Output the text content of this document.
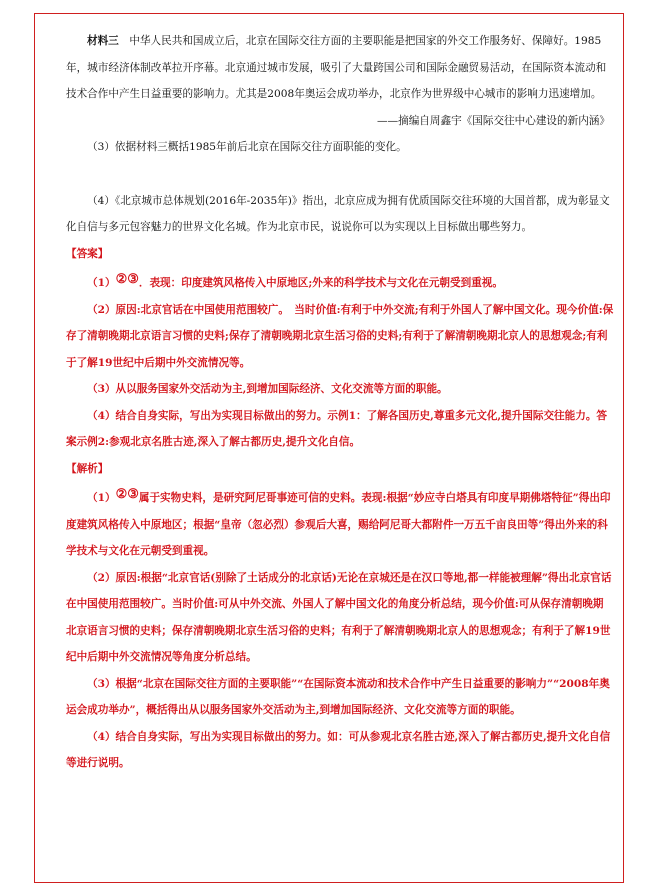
材料三　中华人民共和国成立后，北京在国际交往方面的主要职能是把国家的外交工作服务好、保障好。1985年，城市经济体制改革拉开序幕。北京通过城市发展，吸引了大量跨国公司和国际金融贸易活动，在国际资本流动和技术合作中产生日益重要的影响力。尤其是2008年奥运会成功举办，北京作为世界级中心城市的影响力迅速增加。

——摘编自周鑫宇《国际交往中心建设的新内涵》

（3）依据材料三概括1985年前后北京在国际交往方面职能的变化。

（4）《北京城市总体规划(2016年-2035年)》指出，北京应成为拥有优质国际交往环境的大国首都，成为彰显文化自信与多元包容魅力的世界文化名城。作为北京市民，说说你可以为实现以上目标做出哪些努力。

【答案】

（1）②③．表现：印度建筑风格传入中原地区;外来的科学技术与文化在元朝受到重视。

（2）原因:北京官话在中国使用范围较广。　当时价值:有利于中外交流;有利于外国人了解中国文化。现今价值:保存了清朝晚期北京语言习惯的史料;保存了清朝晚期北京生活习俗的史料;有利于了解清朝晚期北京人的思想观念;有利于了解19世纪中后期中外交流情况等。

（3）从以服务国家外交活动为主,到增加国际经济、文化交流等方面的职能。

（4）结合自身实际，写出为实现目标做出的努力。示例1：了解各国历史,尊重多元文化,提升国际交往能力。答案示例2:参观北京名胜古迹,深入了解古都历史,提升文化自信。

【解析】

（1）②③属于实物史料，是研究阿尼哥事迹可信的史料。表现:根据“妙应寺白塔具有印度早期佛塔特征”得出印度建筑风格传入中原地区；根据“皇帝（忽必烈）参观后大喜，赐给阿尼哥大都附件一万五千亩良田等”得出外来的科学技术与文化在元朝受到重视。

（2）原因:根据“北京官话(别除了土话成分的北京话)无论在京城还是在汉口等地,都一样能被理解”得出北京官话在中国使用范围较广。当时价值:可从中外交流、外国人了解中国文化的角度分析总结，现今价值:可从保存清朝晚期北京语言习惯的史料；保存清朝晚期北京生活习俗的史料；有利于了解清朝晚期北京人的思想观念；有利于了解19世纪中后期中外交流情况等角度分析总结。

（3）根据“北京在国际交往方面的主要职能”“在国际资本流动和技术合作中产生日益重要的影响力”“2008年奥运会成功举办”，概括得出从以服务国家外交活动为主,到增加国际经济、文化交流等方面的职能。

（4）结合自身实际，写出为实现目标做出的努力。如：可从参观北京名胜古迹,深入了解古都历史,提升文化自信等进行说明。
